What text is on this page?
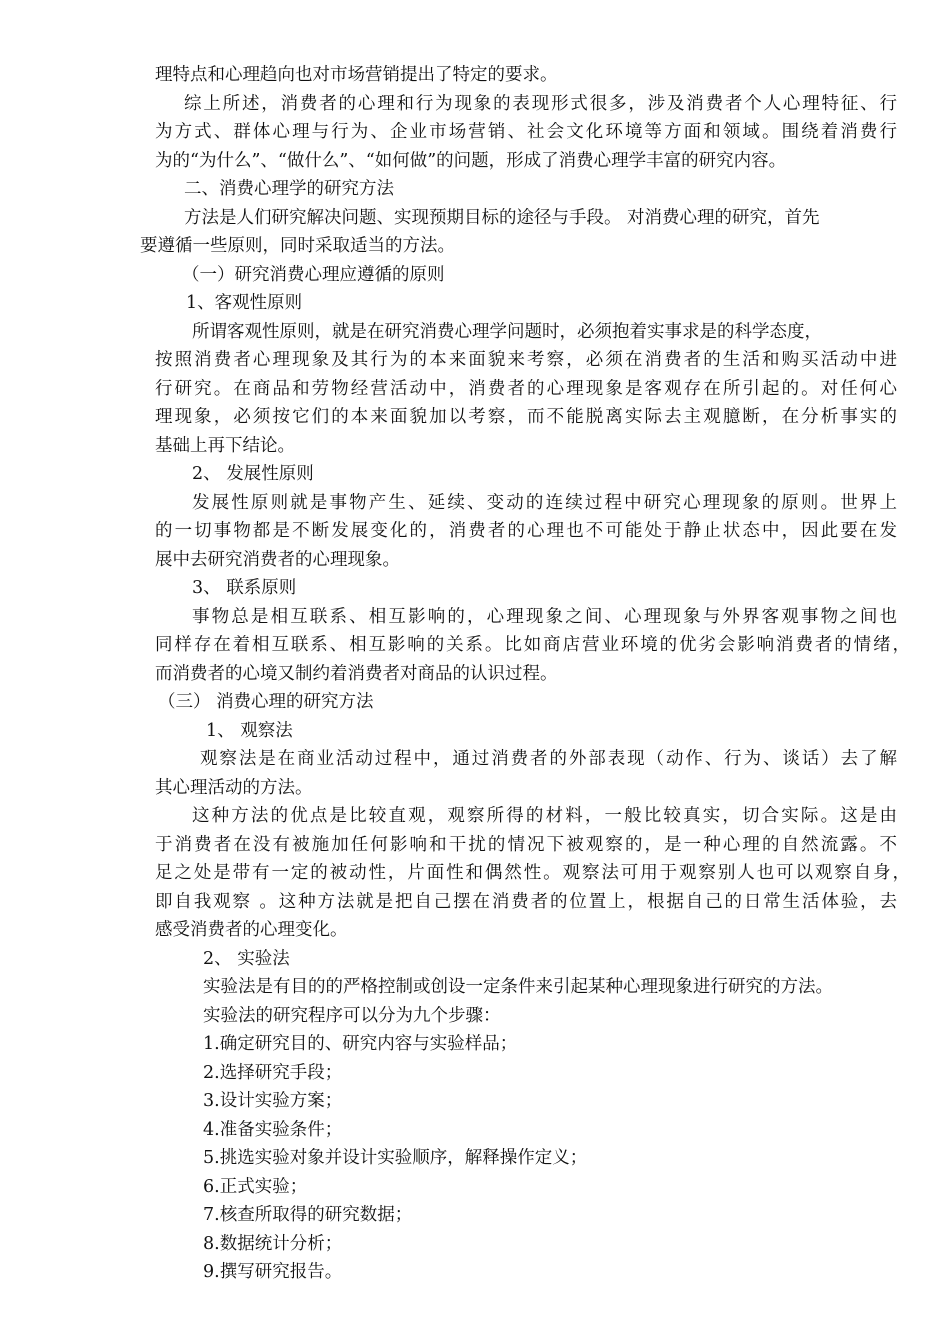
理特点和心理趋向也对市场营销提出了特定的要求。

综上所述，消费者的心理和行为现象的表现形式很多，涉及消费者个人心理特征、行

为方式、群体心理与行为、企业市场营销、社会文化环境等方面和领域。围绕着消费行

为的“为什么”、“做什么”、“如何做”的问题，形成了消费心理学丰富的研究内容。

二、消费心理学的研究方法

方法是人们研究解决问题、实现预期目标的途径与手段。 对消费心理的研究，首先

要遵循一些原则，同时采取适当的方法。

（一）研究消费心理应遵循的原则

1、客观性原则

所谓客观性原则，就是在研究消费心理学问题时，必须抱着实事求是的科学态度，

按照消费者心理现象及其行为的本来面貌来考察，必须在消费者的生活和购买活动中进

行研究。在商品和劳物经营活动中，消费者的心理现象是客观存在所引起的。对任何心

理现象，必须按它们的本来面貌加以考察，而不能脱离实际去主观臆断，在分析事实的

基础上再下结论。

2、 发展性原则

发展性原则就是事物产生、延续、变动的连续过程中研究心理现象的原则。世界上

的一切事物都是不断发展变化的，消费者的心理也不可能处于静止状态中，因此要在发

展中去研究消费者的心理现象。

3、 联系原则

事物总是相互联系、相互影响的，心理现象之间、心理现象与外界客观事物之间也

同样存在着相互联系、相互影响的关系。比如商店营业环境的优劣会影响消费者的情绪，

而消费者的心境又制约着消费者对商品的认识过程。

（三） 消费心理的研究方法

1、 观察法

观察法是在商业活动过程中，通过消费者的外部表现（动作、行为、谈话）去了解

其心理活动的方法。

这种方法的优点是比较直观，观察所得的材料，一般比较真实，切合实际。这是由

于消费者在没有被施加任何影响和干扰的情况下被观察的，是一种心理的自然流露。不

足之处是带有一定的被动性，片面性和偶然性。观察法可用于观察别人也可以观察自身，

即自我观察 。这种方法就是把自己摆在消费者的位置上，根据自己的日常生活体验，去

感受消费者的心理变化。

2、 实验法

实验法是有目的的严格控制或创设一定条件来引起某种心理现象进行研究的方法。

实验法的研究程序可以分为九个步骤：

1.确定研究目的、研究内容与实验样品；

2.选择研究手段；

3.设计实验方案；

4.准备实验条件；

5.挑选实验对象并设计实验顺序，解释操作定义；

6.正式实验；

7.核查所取得的研究数据；

8.数据统计分析；

9.撰写研究报告。
